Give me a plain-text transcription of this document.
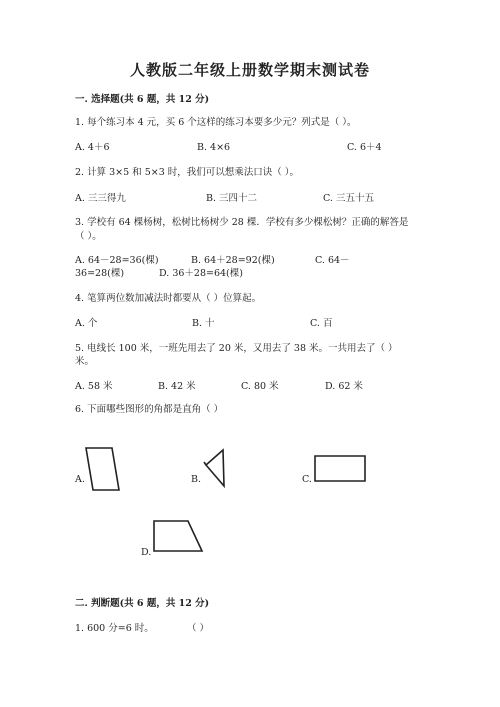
人教版二年级上册数学期末测试卷
一. 选择题(共 6 题，共 12 分)
1. 每个练习本 4 元，买 6 个这样的练习本要多少元？列式是（ ）。
A. 4＋6	B. 4×6	C. 6＋4
2. 计算 3×5 和 5×3 时，我们可以想乘法口诀（ ）。
A. 三三得九	B. 三四十二	C. 三五十五
3. 学校有 64 棵杨树，松树比杨树少 28 棵．学校有多少棵松树？正确的解答是
（ ）。
A. 64－28=36(棵)	B. 64＋28=92(棵)	C. 64－
36=28(棵)	D. 36＋28=64(棵)
4. 笔算两位数加减法时都要从（ ）位算起。
A. 个	B. 十	C. 百
5. 电线长 100 米，一班先用去了 20 米，又用去了 38 米。一共用去了（ ）
米。
A. 58 米	B. 42 米	C. 80 米	D. 62 米
6. 下面哪些图形的角都是直角（ ）
A.	B.	C.
D.
二. 判断题(共 6 题，共 12 分)
1. 600 分=6 时。	（ ）
